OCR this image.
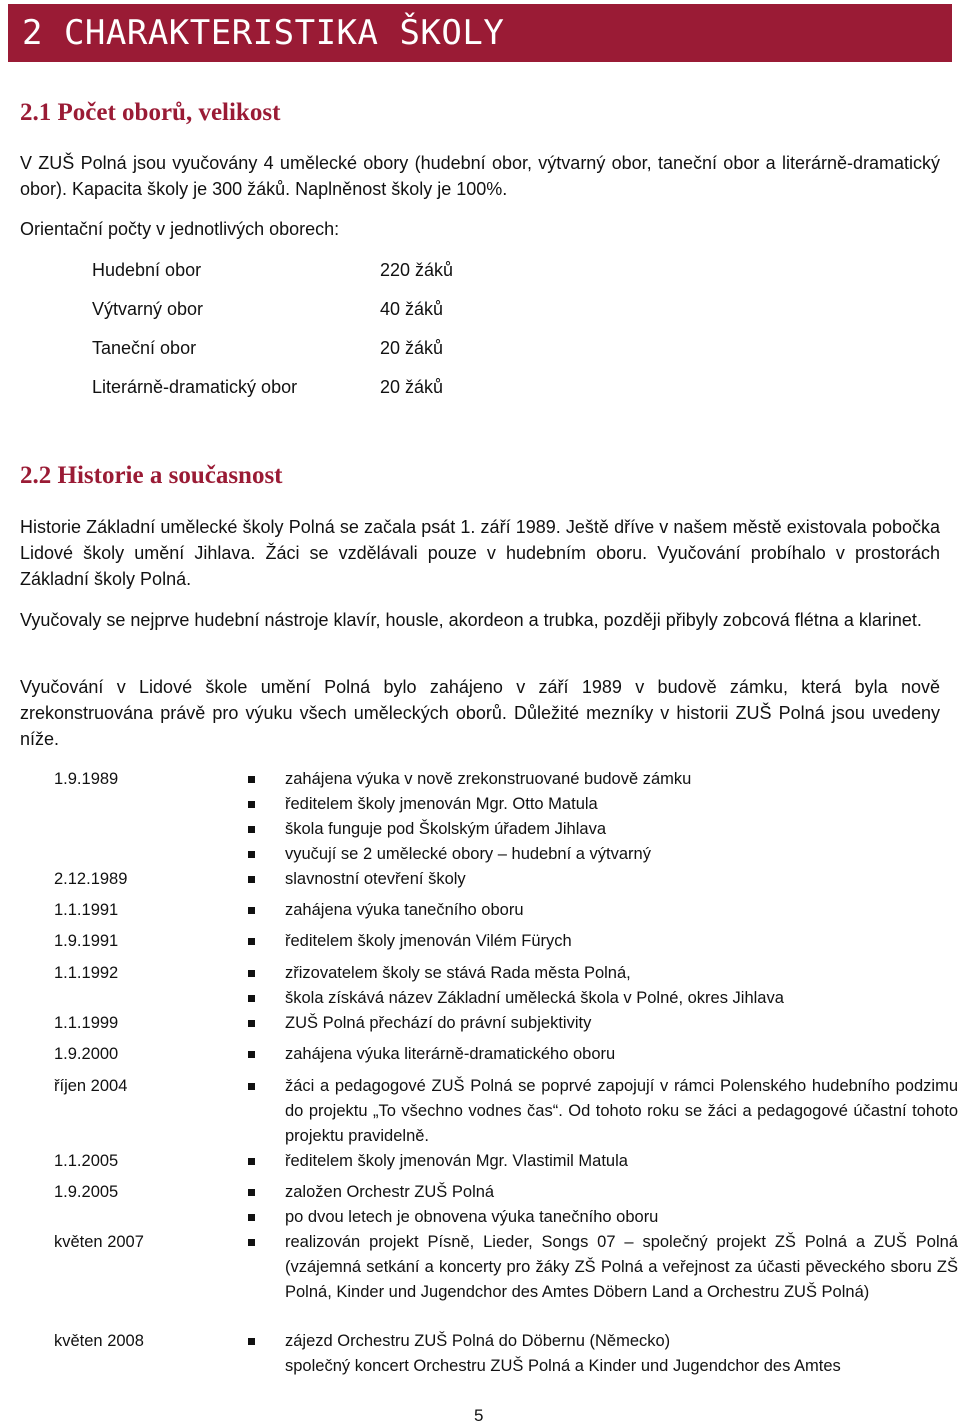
2 CHARAKTERISTIKA ŠKOLY
2.1 Počet oborů, velikost
V ZUŠ Polná jsou vyučovány 4 umělecké obory (hudební obor, výtvarný obor, taneční obor a literárně-dramatický obor). Kapacita školy je 300 žáků. Naplněnost školy je 100%.
Orientační počty v jednotlivých oborech:
Hudební obor	220 žáků
Výtvarný obor	40 žáků
Taneční obor	20 žáků
Literárně-dramatický obor	20 žáků
2.2 Historie a současnost
Historie Základní umělecké školy Polná se začala psát 1. září 1989. Ještě dříve v našem městě existovala pobočka Lidové školy umění Jihlava. Žáci se vzdělávali pouze v hudebním oboru. Vyučování probíhalo v prostorách Základní školy Polná.
Vyučovaly se nejprve hudební nástroje klavír, housle, akordeon a trubka, později přibyly zobcová flétna a klarinet.
Vyučování v Lidové škole umění Polná bylo zahájeno v září 1989 v budově zámku, která byla nově zrekonstruována právě pro výuku všech uměleckých oborů. Důležité mezníky v historii ZUŠ Polná jsou uvedeny níže.
1.9.1989	zahájena výuka v nově zrekonstruované budově zámku
ředitelem školy jmenován Mgr. Otto Matula
škola funguje pod Školským úřadem Jihlava
vyučují se 2 umělecké obory – hudební a výtvarný
2.12.1989	slavnostní otevření školy
1.1.1991	zahájena výuka tanečního oboru
1.9.1991	ředitelem školy jmenován Vilém Fürych
1.1.1992	zřizovatelem školy se stává Rada města Polná,
škola získává název Základní umělecká škola v Polné, okres Jihlava
1.1.1999	ZUŠ Polná přechází do právní subjektivity
1.9.2000	zahájena výuka literárně-dramatického oboru
říjen 2004	žáci a pedagogové ZUŠ Polná se poprvé zapojují v rámci Polenského hudebního podzimu do projektu „To všechno vodnes čas“. Od tohoto roku se žáci a pedagogové účastní tohoto projektu pravidelně.
1.1.2005	ředitelem školy jmenován Mgr. Vlastimil Matula
1.9.2005	založen Orchestr ZUŠ Polná
po dvou letech je obnovena výuka tanečního oboru
květen 2007	realizován projekt Písně, Lieder, Songs 07 – společný projekt ZŠ Polná a ZUŠ Polná (vzájemná setkání a koncerty pro žáky ZŠ Polná a veřejnost za účasti pěveckého sboru ZŠ Polná, Kinder und Jugendchor des Amtes Döbern Land a Orchestru ZUŠ Polná)
květen 2008	zájezd Orchestru ZUŠ Polná do Döbernu (Německo)
společný koncert Orchestru ZUŠ Polná a Kinder und Jugendchor des Amtes
5
